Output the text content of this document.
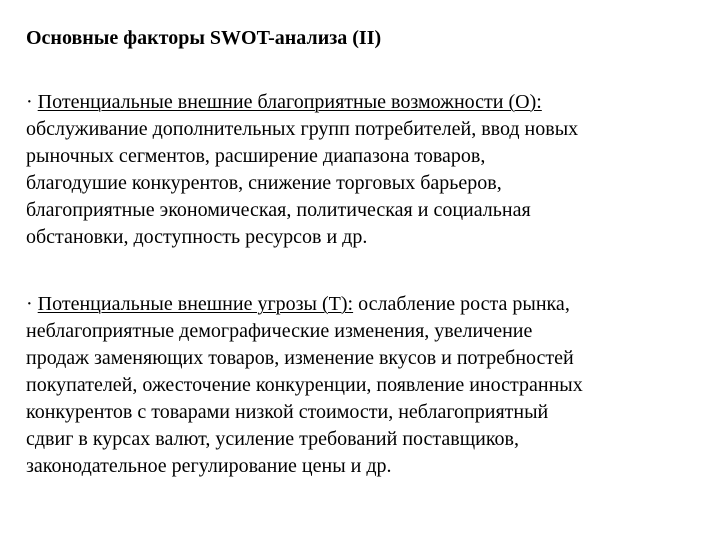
Основные факторы SWOT-анализа (II)
· Потенциальные внешние благоприятные возможности (О):
обслуживание дополнительных групп потребителей, ввод новых
рыночных сегментов, расширение диапазона товаров,
благодушие конкурентов, снижение торговых барьеров,
благоприятные экономическая, политическая и социальная
обстановки, доступность ресурсов и др.
· Потенциальные внешние угрозы (Т): ослабление роста рынка,
неблагоприятные демографические изменения, увеличение
продаж заменяющих товаров, изменение вкусов и потребностей
покупателей, ожесточение конкуренции, появление иностранных
конкурентов с товарами низкой стоимости, неблагоприятный
сдвиг в курсах валют, усиление требований поставщиков,
законодательное регулирование цены и др.
